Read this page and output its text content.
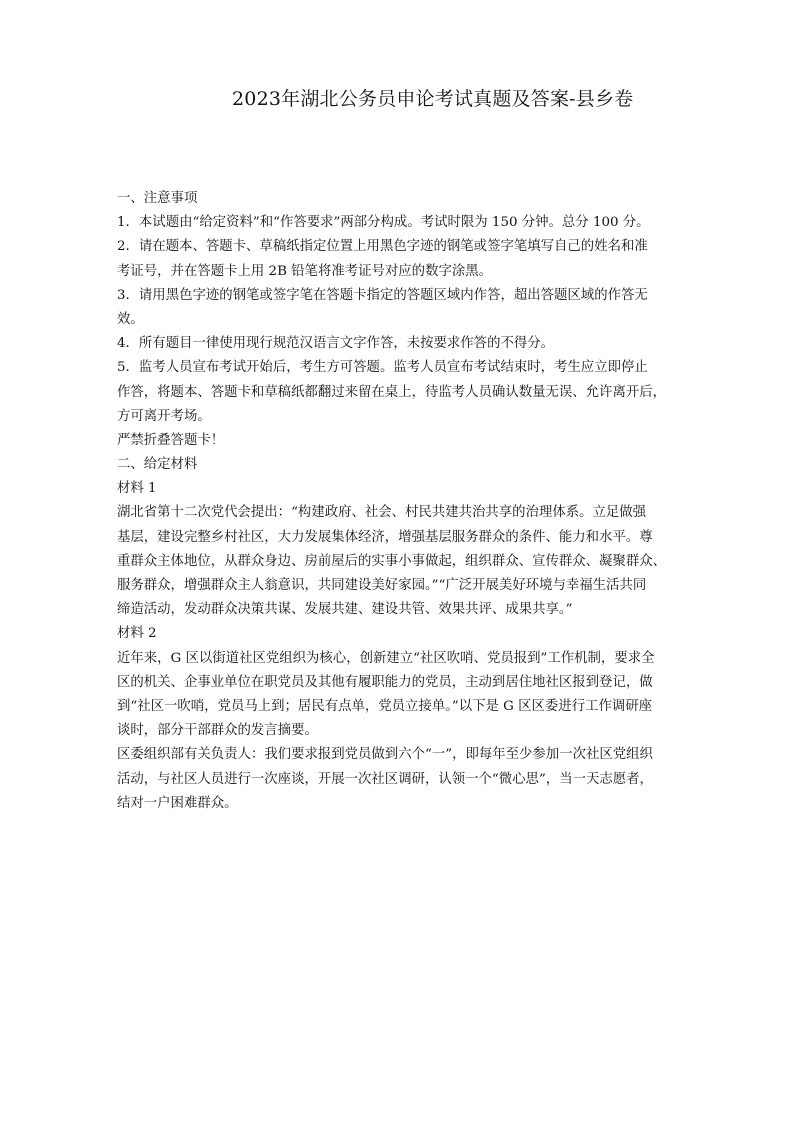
2023年湖北公务员申论考试真题及答案-县乡卷
一、注意事项
1．本试题由“给定资料”和“作答要求”两部分构成。考试时限为 150 分钟。总分 100 分。
2．请在题本、答题卡、草稿纸指定位置上用黑色字迹的钢笔或签字笔填写自己的姓名和准
考证号，并在答题卡上用 2B 铅笔将准考证号对应的数字涂黑。
3．请用黑色字迹的钢笔或签字笔在答题卡指定的答题区域内作答，超出答题区域的作答无
效。
4．所有题目一律使用现行规范汉语言文字作答，未按要求作答的不得分。
5．监考人员宣布考试开始后，考生方可答题。监考人员宣布考试结束时，考生应立即停止
作答，将题本、答题卡和草稿纸都翻过来留在桌上，待监考人员确认数量无误、允许离开后，
方可离开考场。
严禁折叠答题卡！
二、给定材料
材料 1
湖北省第十二次党代会提出：“构建政府、社会、村民共建共治共享的治理体系。立足做强
基层，建设完整乡村社区，大力发展集体经济，增强基层服务群众的条件、能力和水平。尊
重群众主体地位，从群众身边、房前屋后的实事小事做起，组织群众、宣传群众、凝聚群众、
服务群众，增强群众主人翁意识，共同建设美好家园。”“广泛开展美好环境与幸福生活共同
缔造活动，发动群众决策共谋、发展共建、建设共管、效果共评、成果共享。”
材料 2
近年来，G 区以街道社区党组织为核心，创新建立“社区吹哨、党员报到”工作机制，要求全
区的机关、企事业单位在职党员及其他有履职能力的党员，主动到居住地社区报到登记，做
到“社区一吹哨，党员马上到；居民有点单，党员立接单。”以下是 G 区区委进行工作调研座
谈时，部分干部群众的发言摘要。
区委组织部有关负责人：我们要求报到党员做到六个“一”，即每年至少参加一次社区党组织
活动，与社区人员进行一次座谈，开展一次社区调研，认领一个“微心思”，当一天志愿者，
结对一户困难群众。
